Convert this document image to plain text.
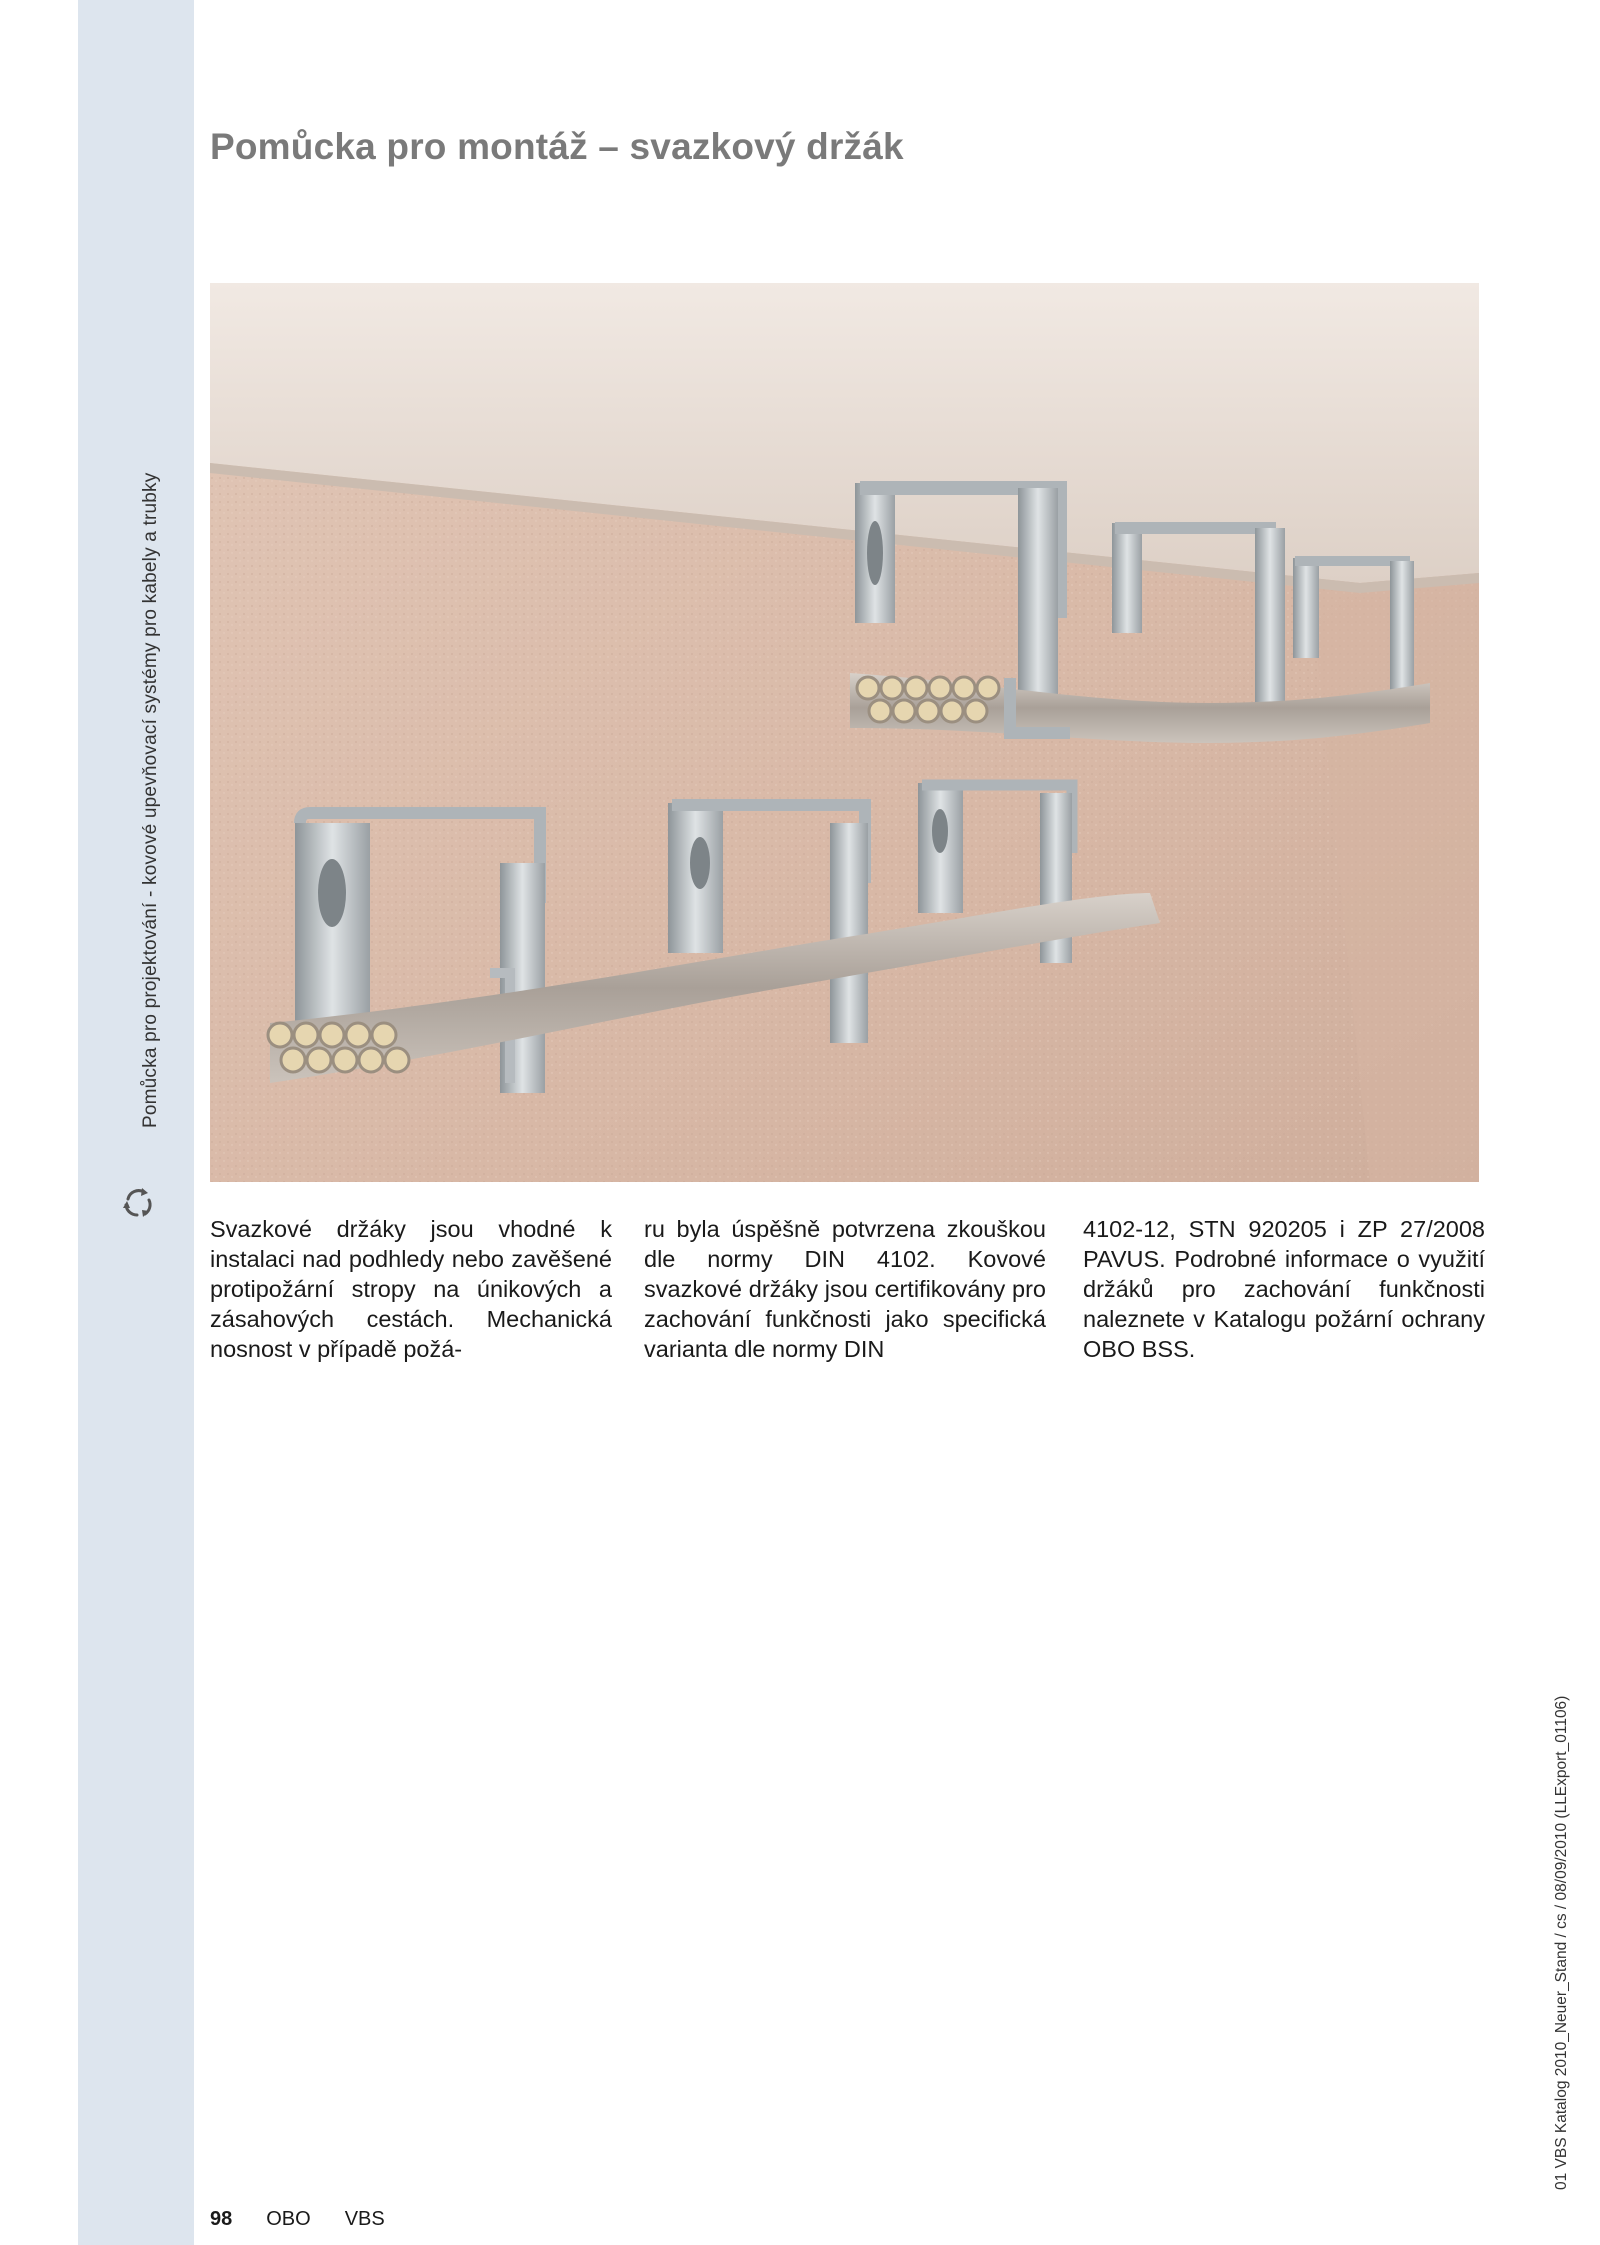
Pomůcka pro projektování - kovové upevňovací systémy pro kabely a trubky
Pomůcka pro montáž – svazkový držák

Svazkové držáky jsou vhodné k instalaci nad podhledy nebo zavěšené protipožární stropy na únikových a zásahových cestách. Mechanická nosnost v případě požá-

ru byla úspěšně potvrzena zkouškou dle normy DIN 4102. Kovové svazkové držáky jsou certifikovány pro zachování funkčnosti jako specifická varianta dle normy DIN

4102-12, STN 920205 i ZP 27/2008 PAVUS. Podrobné informace o využití držáků pro zachování funkčnosti naleznete v Katalogu požární ochrany OBO BSS.

98 OBO VBS
01 VBS Katalog 2010_Neuer_Stand / cs / 08/09/2010 (LLExport_01106)
